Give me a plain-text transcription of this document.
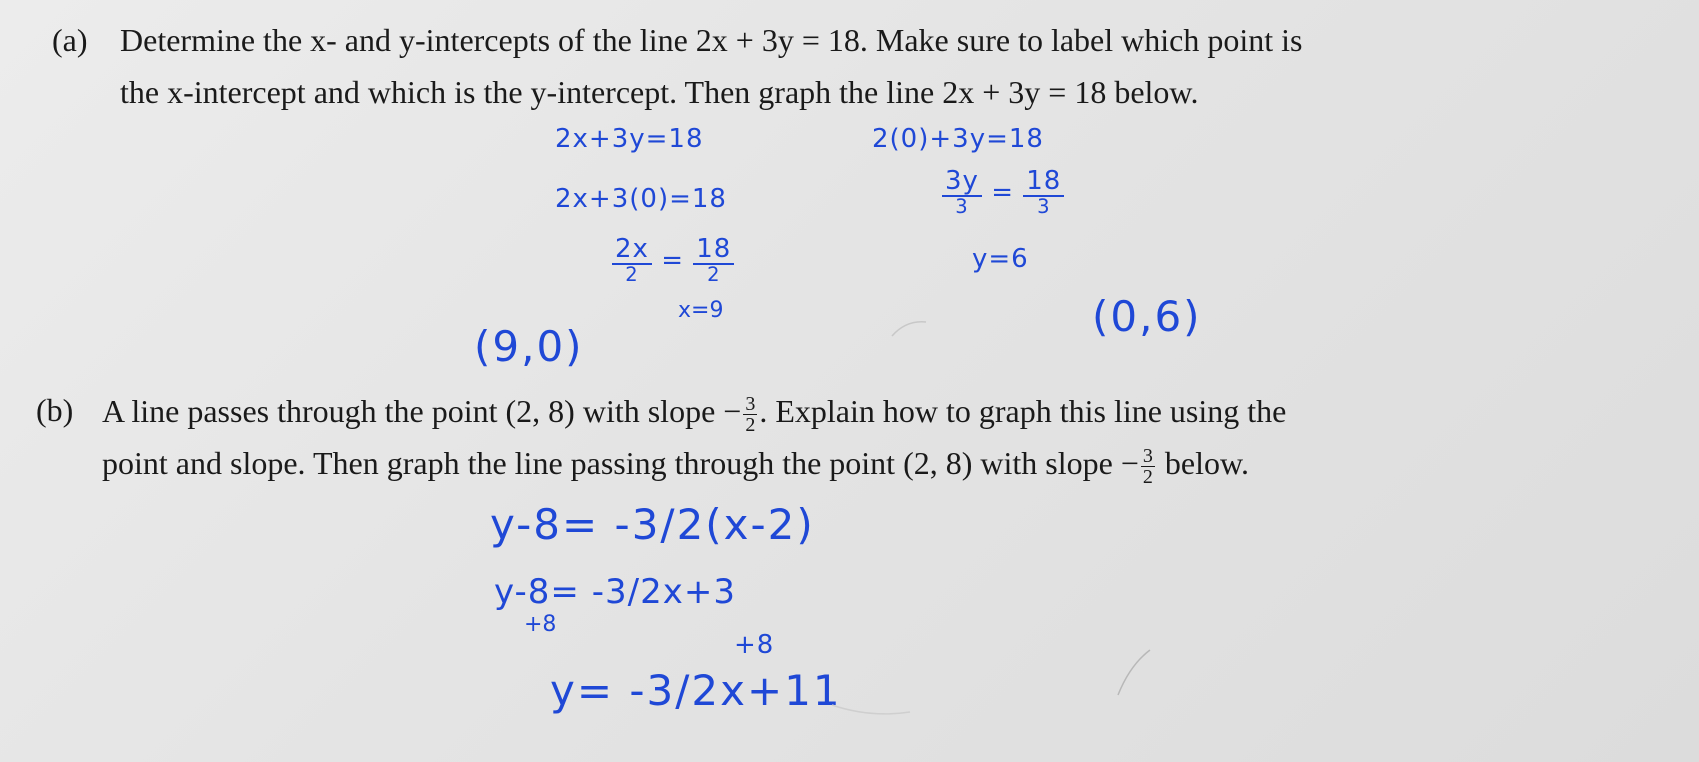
(a) Determine the x- and y-intercepts of the line 2x + 3y = 18. Make sure to label which point is
the x-intercept and which is the y-intercept. Then graph the line 2x + 3y = 18 below.
2x+3y=18
2x+3(0)=18
2x
2 = 18
2
x=9
(9,0)
2(0)+3y=18
3y
3 = 18
3
y=6
(0,6)
(b) A line passes through the point (2, 8) with slope − $\frac{3}{2}$ . Explain how to graph this line using the
point and slope. Then graph the line passing through the point (2, 8) with slope − $\frac{3}{2}$ below.
y-8= -3/2(x-2)
y-8= -3/2x+3
+8
+8
y= -3/2x+11
